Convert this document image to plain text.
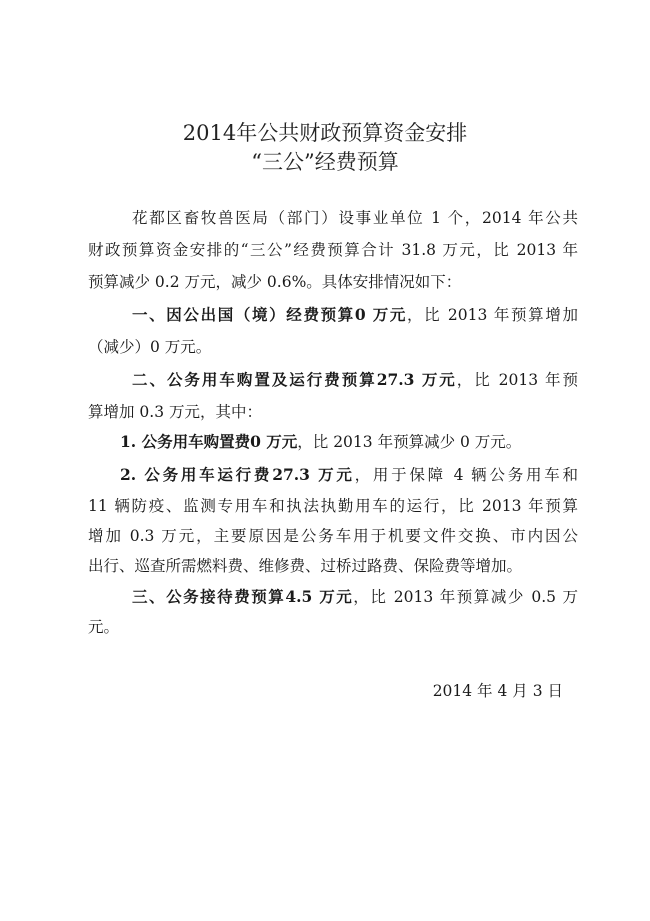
2014年公共财政预算资金安排
“三公”经费预算
花都区畜牧兽医局（部门）设事业单位 1 个，2014 年公共
财政预算资金安排的“三公”经费预算合计 31.8 万元，比 2013 年
预算减少 0.2 万元，减少 0.6%。具体安排情况如下：
一、因公出国（境）经费预算0 万元，比 2013 年预算增加
（减少）0 万元。
二、公务用车购置及运行费预算27.3 万元，比 2013 年预
算增加 0.3 万元，其中：
1. 公务用车购置费0 万元，比 2013 年预算减少 0 万元。
2. 公务用车运行费27.3 万元，用于保障 4 辆公务用车和
11 辆防疫、监测专用车和执法执勤用车的运行，比 2013 年预算
增加 0.3 万元，主要原因是公务车用于机要文件交换、市内因公
出行、巡查所需燃料费、维修费、过桥过路费、保险费等增加。
三、公务接待费预算4.5 万元，比 2013 年预算减少 0.5 万
元。
2014 年 4 月 3 日
